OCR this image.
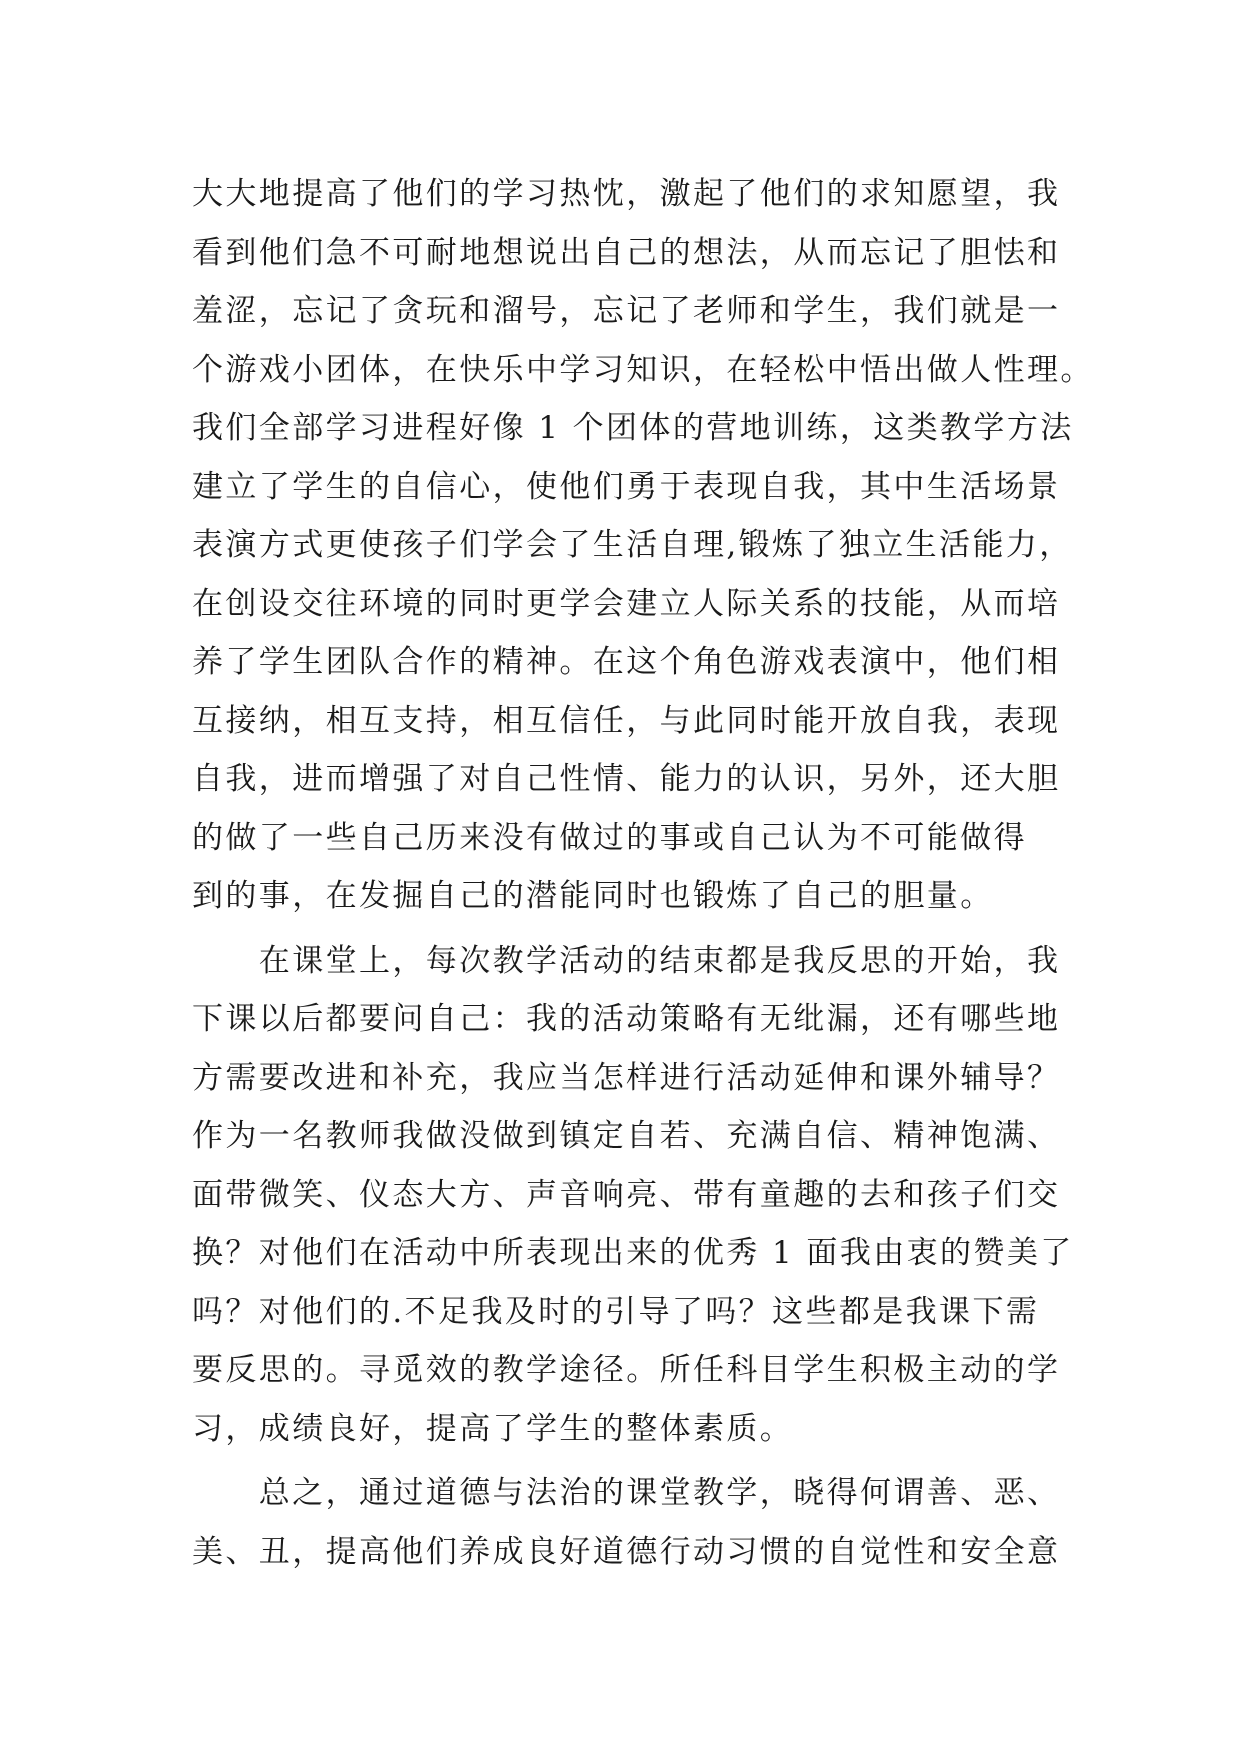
大大地提高了他们的学习热忱，激起了他们的求知愿望，我
看到他们急不可耐地想说出自己的想法，从而忘记了胆怯和
羞涩，忘记了贪玩和溜号，忘记了老师和学生，我们就是一
个游戏小团体，在快乐中学习知识，在轻松中悟出做人性理。
我们全部学习进程好像 1 个团体的营地训练，这类教学方法
建立了学生的自信心，使他们勇于表现自我，其中生活场景
表演方式更使孩子们学会了生活自理,锻炼了独立生活能力，
在创设交往环境的同时更学会建立人际关系的技能，从而培
养了学生团队合作的精神。在这个角色游戏表演中，他们相
互接纳，相互支持，相互信任，与此同时能开放自我，表现
自我，进而增强了对自己性情、能力的认识，另外，还大胆
的做了一些自己历来没有做过的事或自己认为不可能做得
到的事，在发掘自己的潜能同时也锻炼了自己的胆量。
　　在课堂上，每次教学活动的结束都是我反思的开始，我
下课以后都要问自己：我的活动策略有无纰漏，还有哪些地
方需要改进和补充，我应当怎样进行活动延伸和课外辅导？
作为一名教师我做没做到镇定自若、充满自信、精神饱满、
面带微笑、仪态大方、声音响亮、带有童趣的去和孩子们交
换？对他们在活动中所表现出来的优秀 1 面我由衷的赞美了
吗？对他们的.不足我及时的引导了吗？这些都是我课下需
要反思的。寻觅效的教学途径。所任科目学生积极主动的学
习，成绩良好，提高了学生的整体素质。
　　总之，通过道德与法治的课堂教学，晓得何谓善、恶、
美、丑，提高他们养成良好道德行动习惯的自觉性和安全意
